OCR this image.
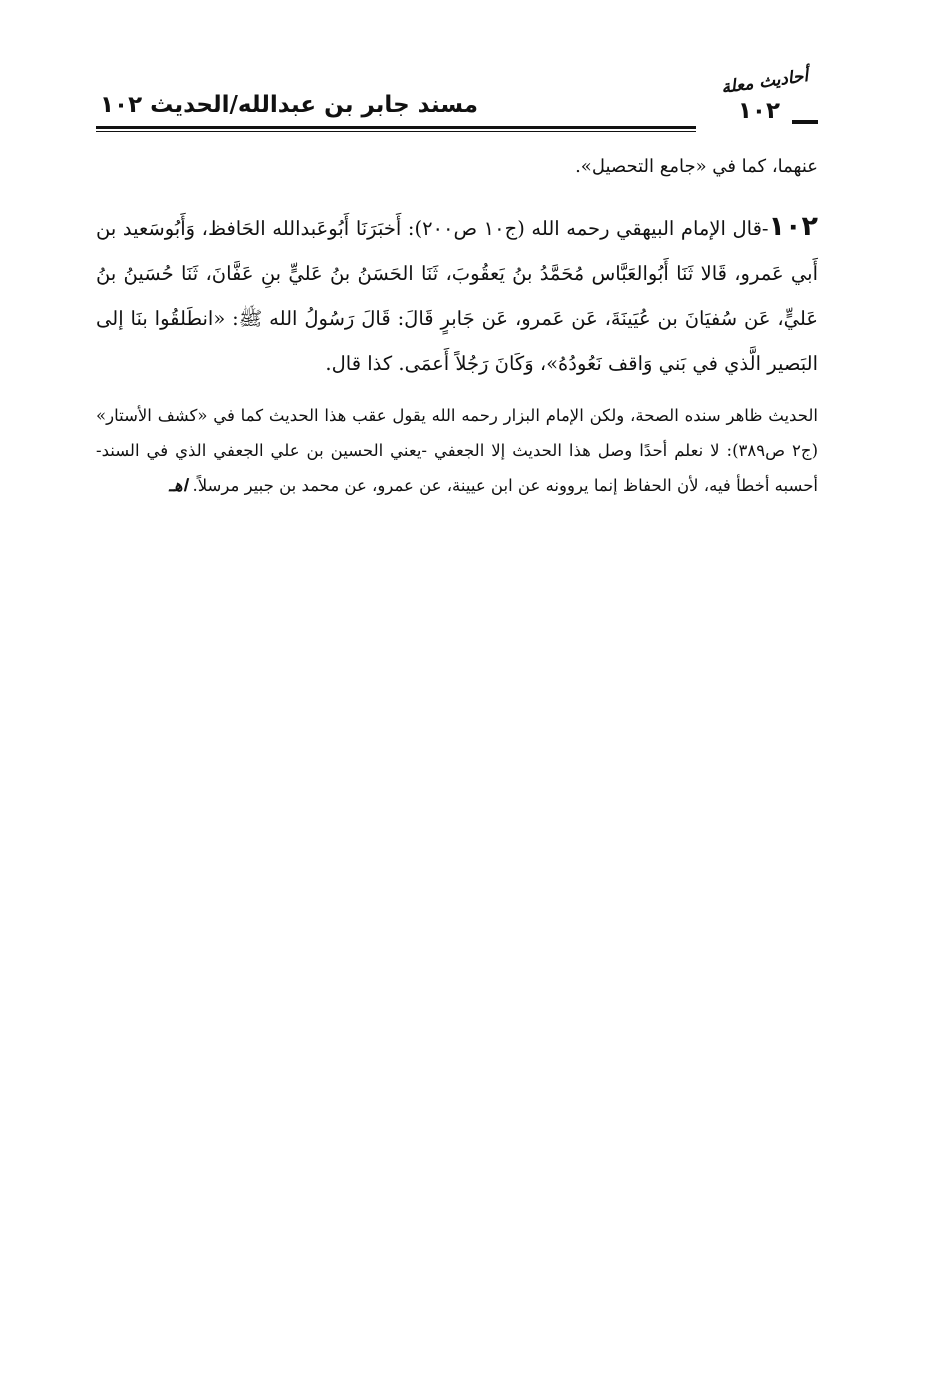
أحاديث معلة
١٠٢
مسند جابر بن عبدالله/الحديث ١٠٢

عنهما، كما في «جامع التحصيل».

١٠٢-قال الإمام البيهقي رحمه الله (ج١٠ ص٢٠٠): أَخبَرَنَا أَبُوعَبدالله الحَافظ، وَأَبُوسَعيد بن أَبي عَمرو، قَالا ثَنَا أَبُوالعَبَّاس مُحَمَّدُ بنُ يَعقُوبَ، ثَنَا الحَسَنُ بنُ عَليٍّ بنِ عَفَّانَ، ثَنَا حُسَينُ بنُ عَليٍّ، عَن سُفيَانَ بن عُيَينَةَ، عَن عَمرو، عَن جَابرٍ قَالَ: قَالَ رَسُولُ الله ﷺ: «انطَلقُوا بنَا إلى البَصير الَّذي في بَني وَاقف نَعُودُهُ»، وَكَانَ رَجُلاً أَعمَى. كذا قال.

الحديث ظاهر سنده الصحة، ولكن الإمام البزار رحمه الله يقول عقب هذا الحديث كما في «كشف الأستار» (ج٢ ص٣٨٩): لا نعلم أحدًا وصل هذا الحديث إلا الجعفي -يعني الحسين بن علي الجعفي الذي في السند- أحسبه أخطأ فيه، لأن الحفاظ إنما يروونه عن ابن عيينة، عن عمرو، عن محمد بن جبير مرسلاً. اهـ
